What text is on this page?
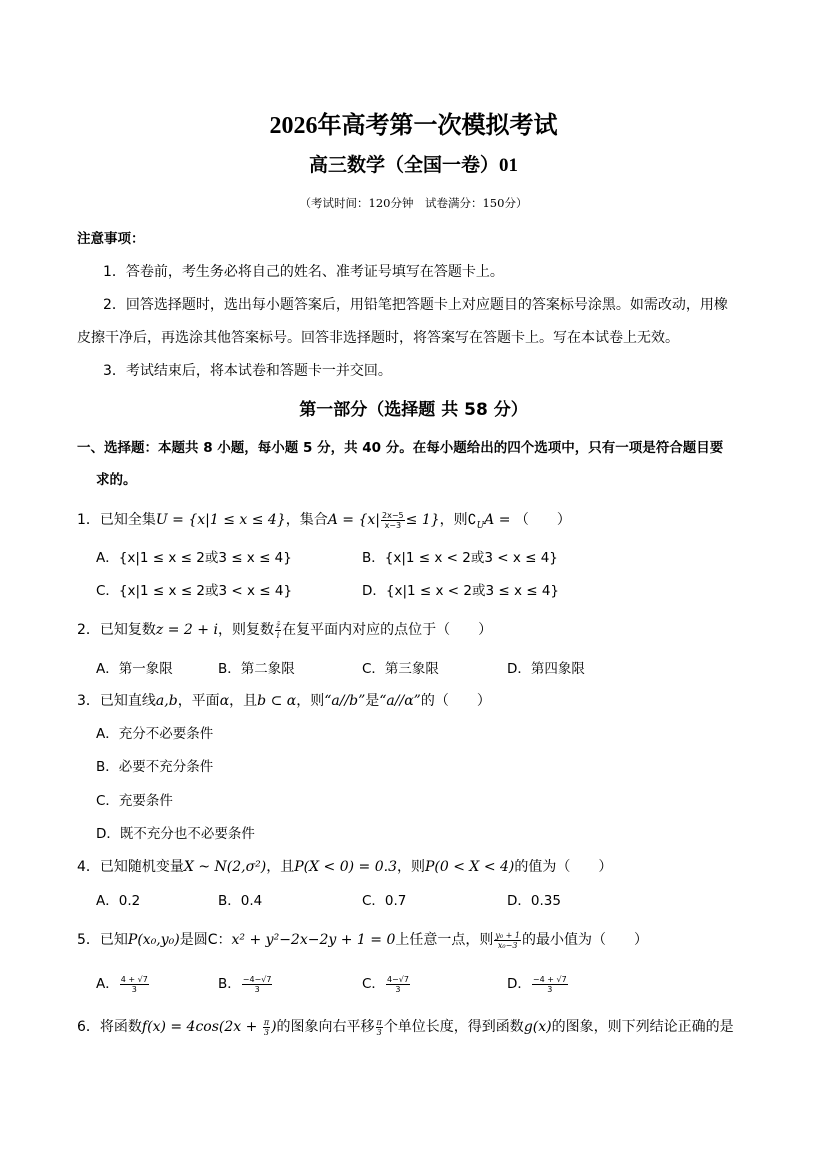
2026年高考第一次模拟考试
高三数学（全国一卷）01
（考试时间：120分钟　试卷满分：150分）
注意事项：
1．答卷前，考生务必将自己的姓名、准考证号填写在答题卡上。
2．回答选择题时，选出每小题答案后，用铅笔把答题卡上对应题目的答案标号涂黑。如需改动，用橡
皮擦干净后，再选涂其他答案标号。回答非选择题时，将答案写在答题卡上。写在本试卷上无效。
3．考试结束后，将本试卷和答题卡一并交回。
第一部分（选择题 共 58 分）
一、选择题：本题共 8 小题，每小题 5 分，共 40 分。在每小题给出的四个选项中，只有一项是符合题目要
求的。
1．已知全集U = {x|1 ≤ x ≤ 4}，集合$A = \{x| \frac{2x-5}{x-3} \le 1\}$，则$∁_UA$ = （　　）
A．{x|1 ≤ x ≤ 2或3 ≤ x ≤ 4}	B．{x|1 ≤ x < 2或3 < x ≤ 4}
C．{x|1 ≤ x ≤ 2或3 < x ≤ 4}	D．{x|1 ≤ x < 2或3 ≤ x ≤ 4}
2．已知复数z = 2 + i，则复数 $\frac{z̄}{i}$ 在复平面内对应的点位于（　　）
A．第一象限	B．第二象限	C．第三象限	D．第四象限
3．已知直线a,b，平面α，且b ⊂ α，则“a//b”是“a//α”的（　　）
A．充分不必要条件
B．必要不充分条件
C．充要条件
D．既不充分也不必要条件
4．已知随机变量X ~ N(2,σ²)，且P(X < 0) = 0.3，则P(0 < X < 4)的值为（　　）
A．0.2	B．0.4	C．0.7	D．0.35
5．已知P(x₀,y₀)是圆C：x² + y²−2x−2y + 1 = 0上任意一点，则 $\frac{\text{y₀ + 1}}{\text{x₀−3}}$ 的最小值为（　　）
A． $\frac{4 + √7}{3}$	B． $\frac{-4-√7}{3}$	C． $\frac{4-√7}{3}$	D． $\frac{-4 + √7}{3}$
6．将函数$f(x) = 4\cos(2x + \frac{\pi}{3}$ )的图象向右平移 $\frac{\pi}{3}$ 个单位长度，得到函数g(x)的图象，则下列结论正确的是
